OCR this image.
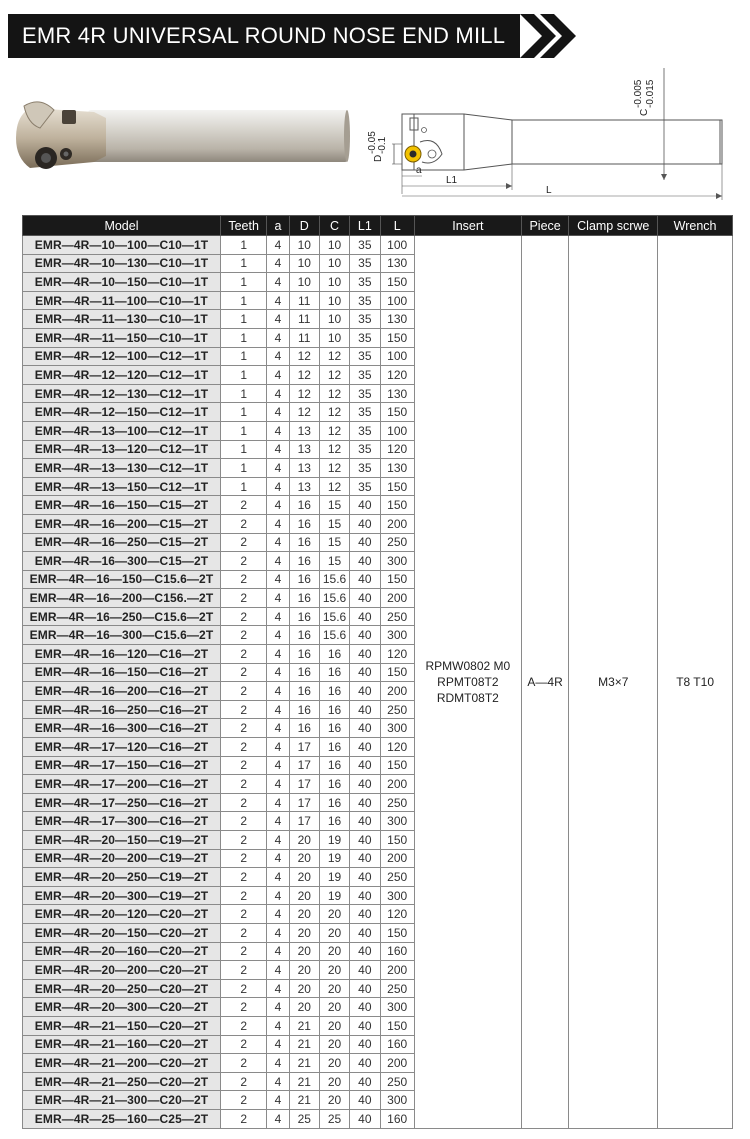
EMR 4R UNIVERSAL ROUND NOSE END MILL
D
-0.05 -0.1
C
-0.005 -0.015
a
L1
L
Model	Teeth	a	D	C	L1	L	Insert	Piece	Clamp scrwe	Wrench
EMR—4R—10—100—C10—1T	1	4	10	10	35	100	RPMW0802 M0
RPMT08T2
RDMT08T2	A—4R	M3×7	T8 T10
EMR—4R—10—130—C10—1T	1	4	10	10	35	130				
EMR—4R—10—150—C10—1T	1	4	10	10	35	150				
EMR—4R—11—100—C10—1T	1	4	11	10	35	100				
EMR—4R—11—130—C10—1T	1	4	11	10	35	130				
EMR—4R—11—150—C10—1T	1	4	11	10	35	150				
EMR—4R—12—100—C12—1T	1	4	12	12	35	100				
EMR—4R—12—120—C12—1T	1	4	12	12	35	120				
EMR—4R—12—130—C12—1T	1	4	12	12	35	130				
EMR—4R—12—150—C12—1T	1	4	12	12	35	150				
EMR—4R—13—100—C12—1T	1	4	13	12	35	100				
EMR—4R—13—120—C12—1T	1	4	13	12	35	120				
EMR—4R—13—130—C12—1T	1	4	13	12	35	130				
EMR—4R—13—150—C12—1T	1	4	13	12	35	150				
EMR—4R—16—150—C15—2T	2	4	16	15	40	150				
EMR—4R—16—200—C15—2T	2	4	16	15	40	200				
EMR—4R—16—250—C15—2T	2	4	16	15	40	250				
EMR—4R—16—300—C15—2T	2	4	16	15	40	300				
EMR—4R—16—150—C15.6—2T	2	4	16	15.6	40	150				
EMR—4R—16—200—C156.—2T	2	4	16	15.6	40	200				
EMR—4R—16—250—C15.6—2T	2	4	16	15.6	40	250				
EMR—4R—16—300—C15.6—2T	2	4	16	15.6	40	300				
EMR—4R—16—120—C16—2T	2	4	16	16	40	120				
EMR—4R—16—150—C16—2T	2	4	16	16	40	150				
EMR—4R—16—200—C16—2T	2	4	16	16	40	200				
EMR—4R—16—250—C16—2T	2	4	16	16	40	250				
EMR—4R—16—300—C16—2T	2	4	16	16	40	300				
EMR—4R—17—120—C16—2T	2	4	17	16	40	120				
EMR—4R—17—150—C16—2T	2	4	17	16	40	150				
EMR—4R—17—200—C16—2T	2	4	17	16	40	200				
EMR—4R—17—250—C16—2T	2	4	17	16	40	250				
EMR—4R—17—300—C16—2T	2	4	17	16	40	300				
EMR—4R—20—150—C19—2T	2	4	20	19	40	150				
EMR—4R—20—200—C19—2T	2	4	20	19	40	200				
EMR—4R—20—250—C19—2T	2	4	20	19	40	250				
EMR—4R—20—300—C19—2T	2	4	20	19	40	300				
EMR—4R—20—120—C20—2T	2	4	20	20	40	120				
EMR—4R—20—150—C20—2T	2	4	20	20	40	150				
EMR—4R—20—160—C20—2T	2	4	20	20	40	160				
EMR—4R—20—200—C20—2T	2	4	20	20	40	200				
EMR—4R—20—250—C20—2T	2	4	20	20	40	250				
EMR—4R—20—300—C20—2T	2	4	20	20	40	300				
EMR—4R—21—150—C20—2T	2	4	21	20	40	150				
EMR—4R—21—160—C20—2T	2	4	21	20	40	160				
EMR—4R—21—200—C20—2T	2	4	21	20	40	200				
EMR—4R—21—250—C20—2T	2	4	21	20	40	250				
EMR—4R—21—300—C20—2T	2	4	21	20	40	300				
EMR—4R—25—160—C25—2T	2	4	25	25	40	160				
